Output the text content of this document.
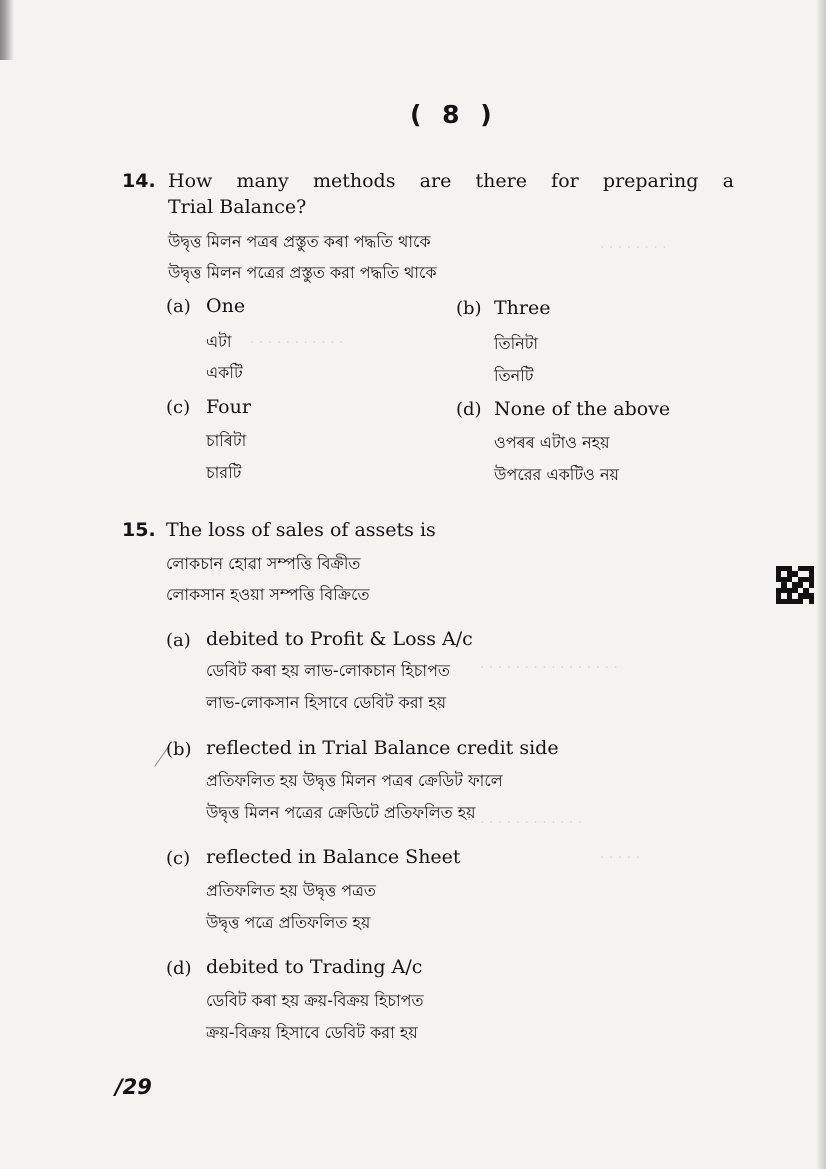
· · · · · · · ·
· · · · · · · · · · ·
· · · · · · · · · · · · · · · ·
· · · · · · · · · · · ·
· · · · ·
( 8 )
14. How many methods are there for preparing a
Trial Balance?
উদ্বৃত্ত মিলন পত্ৰৰ প্ৰস্তুত কৰা পদ্ধতি থাকে
উদ্বৃত্ত মিলন পত্রের প্রস্তুত করা পদ্ধতি থাকে
(a) One
এটা
একটি
(b) Three
তিনিটা
তিনটি
(c) Four
চাৰিটা
চারটি
(d) None of the above
ওপৰৰ এটাও নহয়
উপরের একটিও নয়
15. The loss of sales of assets is
লোকচান হোৱা সম্পত্তি বিক্ৰীত
লোকসান হওয়া সম্পত্তি বিক্রিতে
(a) debited to Profit & Loss A/c
ডেবিট কৰা হয় লাভ-লোকচান হিচাপত
লাভ-লোকসান হিসাবে ডেবিট করা হয়
(b) reflected in Trial Balance credit side
প্ৰতিফলিত হয় উদ্বৃত্ত মিলন পত্ৰৰ ক্ৰেডিট ফালে
উদ্বৃত্ত মিলন পত্রের ক্রেডিটে প্রতিফলিত হয়
(c) reflected in Balance Sheet
প্ৰতিফলিত হয় উদ্বৃত্ত পত্ৰত
উদ্বৃত্ত পত্রে প্রতিফলিত হয়
(d) debited to Trading A/c
ডেবিট কৰা হয় ক্ৰয়-বিক্ৰয় হিচাপত
ক্রয়-বিক্রয় হিসাবে ডেবিট করা হয়
/29
